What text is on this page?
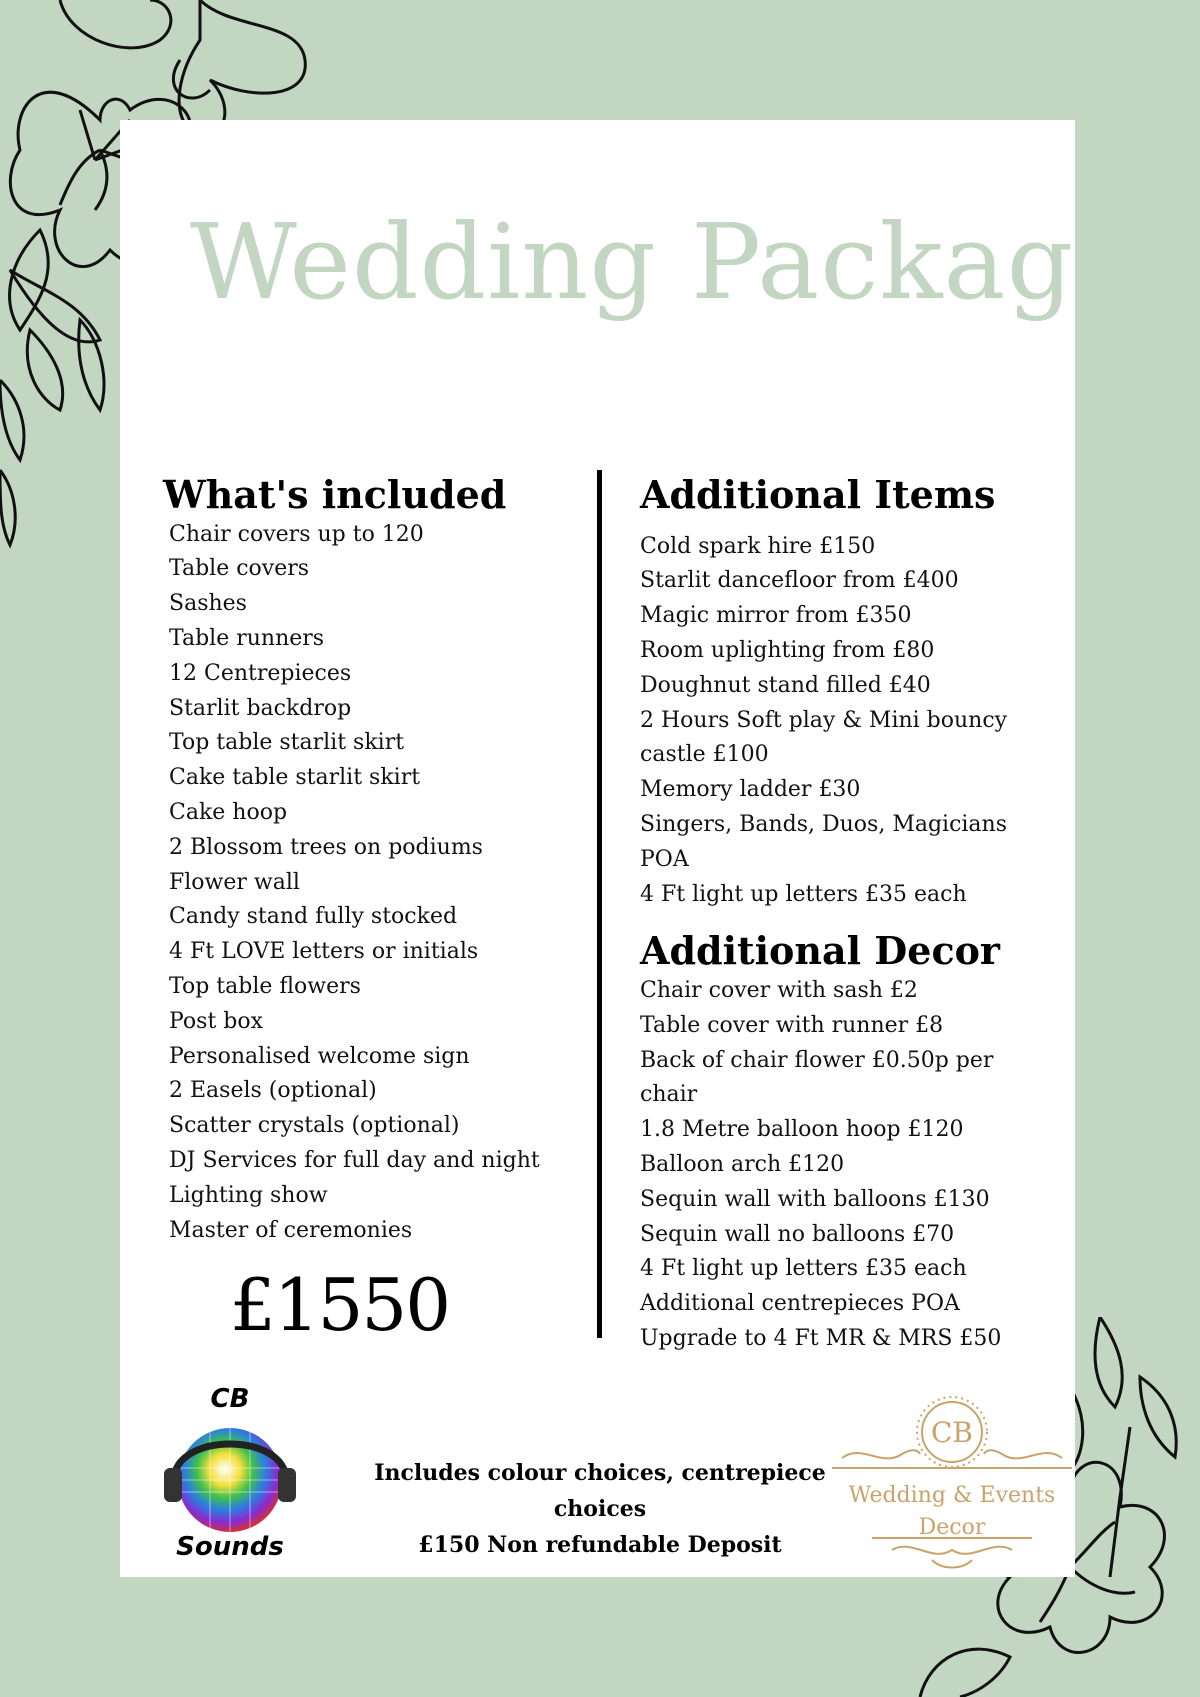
Wedding Package
What's included
Chair covers up to 120
Table covers
Sashes
Table runners
12 Centrepieces
Starlit backdrop
Top table starlit skirt
Cake table starlit skirt
Cake hoop
2 Blossom trees on podiums
Flower wall
Candy stand fully stocked
4 Ft LOVE letters or initials
Top table flowers
Post box
Personalised welcome sign
2 Easels (optional)
Scatter crystals (optional)
DJ Services for full day and night
Lighting show
Master of ceremonies
£1550
Additional Items
Cold spark hire £150
Starlit dancefloor from £400
Magic mirror from £350
Room uplighting from £80
Doughnut stand filled £40
2 Hours Soft play & Mini bouncy castle £100
Memory ladder £30
Singers, Bands, Duos, Magicians POA
4 Ft light up letters £35 each
Additional Decor
Chair cover with sash £2
Table cover with runner £8
Back of chair flower £0.50p per chair
1.8 Metre balloon hoop £120
Balloon arch £120
Sequin wall with balloons £130
Sequin wall no balloons £70
4 Ft light up letters £35 each
Additional centrepieces POA
Upgrade to 4 Ft MR & MRS £50
CB
Sounds
Includes colour choices, centrepiece choices
£150 Non refundable Deposit
CB
Wedding & Events
Decor
